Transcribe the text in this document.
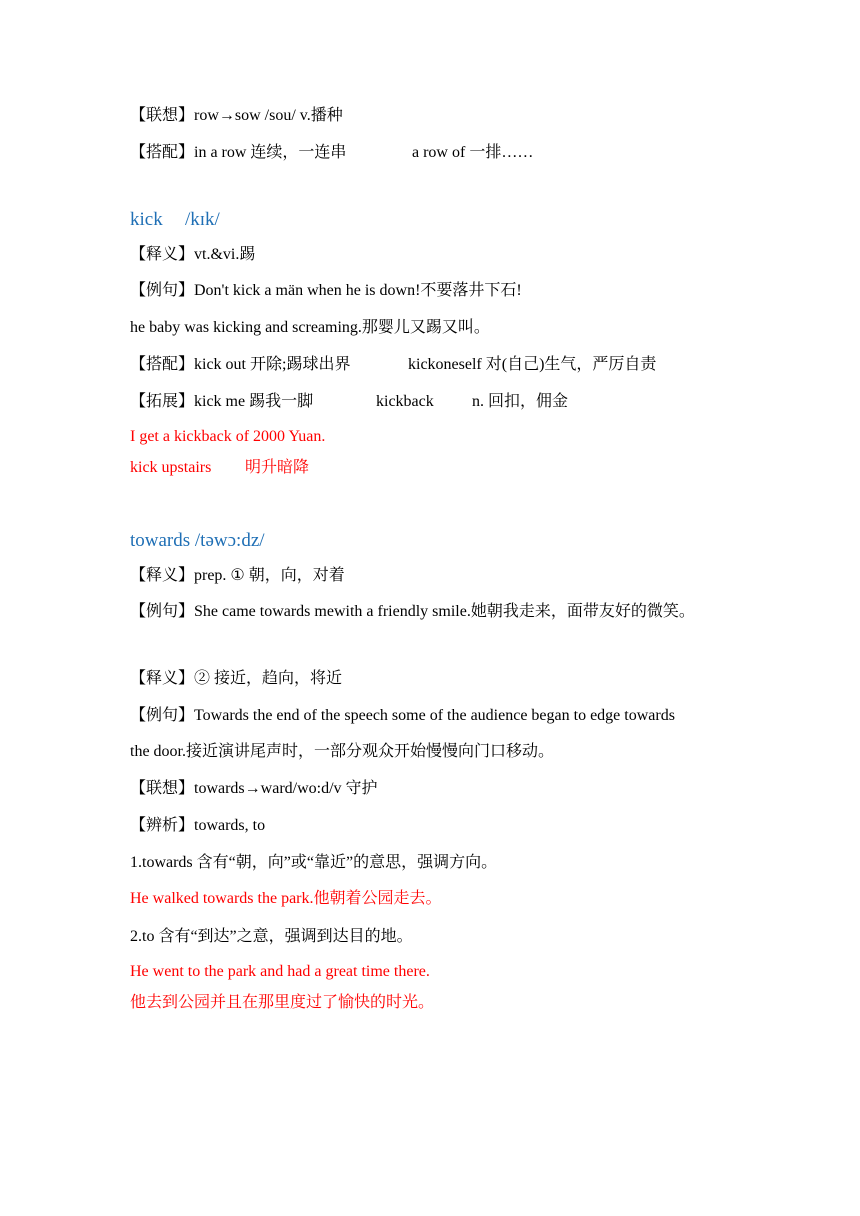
【联想】row→sow /sou/ v.播种
【搭配】in a row 连续，一连串	a row of 一排……
kick /kɪk/
【释义】vt.&vi.踢
【例句】Don't kick a män when he is down!不要落井下石!
he baby was kicking and screaming.那婴儿又踢又叫。
【搭配】kick out 开除;踢球出界	kickoneself 对(自己)生气，严厉自责
【拓展】kick me 踢我一脚	kickback n. 回扣，佣金
I get a kickback of 2000 Yuan.
kick upstairs 明升暗降
towards /təwɔ:dz/
【释义】prep. ① 朝，向，对着
【例句】She came towards mewith a friendly smile.她朝我走来，面带友好的微笑。
【释义】② 接近，趋向，将近
【例句】Towards the end of the speech some of the audience began to edge towards
the door.接近演讲尾声时，一部分观众开始慢慢向门口移动。
【联想】towards→ward/wo:d/v 守护
【辨析】towards, to
1.towards 含有“朝，向”或“靠近”的意思，强调方向。
He walked towards the park.他朝着公园走去。
2.to 含有“到达”之意，强调到达目的地。
He went to the park and had a great time there.
他去到公园并且在那里度过了愉快的时光。
